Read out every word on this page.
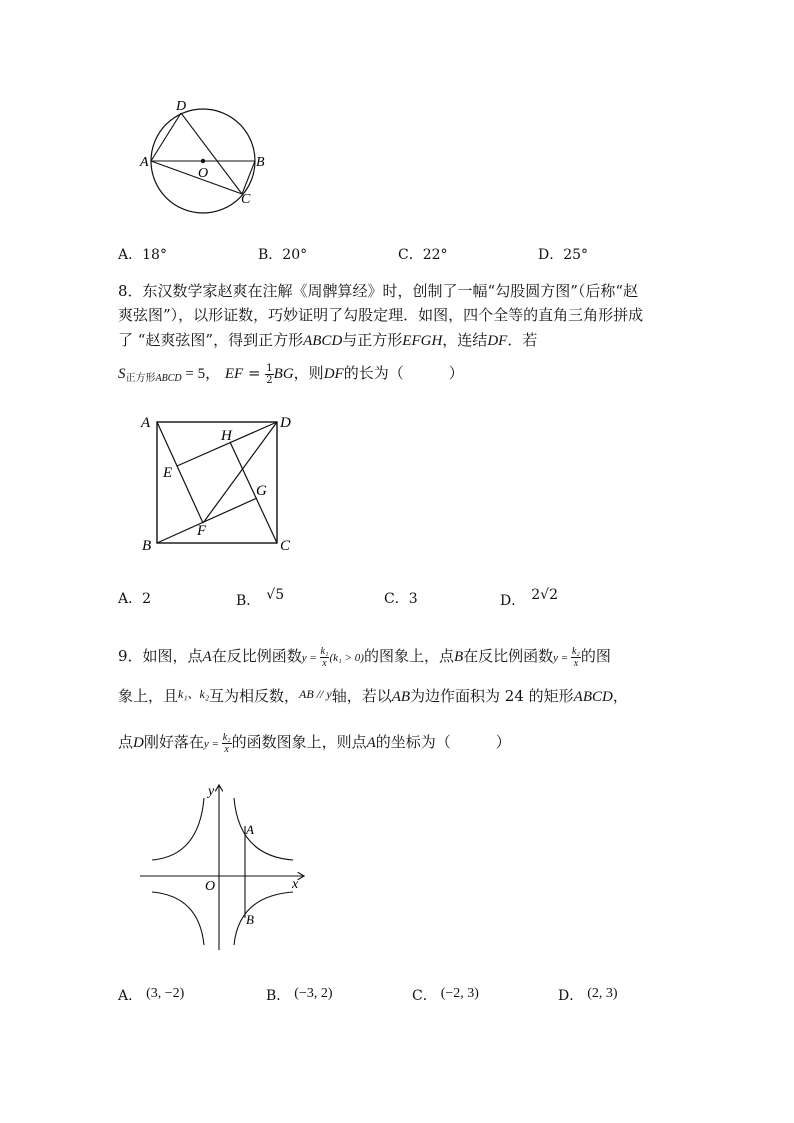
D
A
O
B
C
A．18°	B．20°	C．22°	D．25°
8．东汉数学家赵爽在注解《周髀算经》时，创制了一幅“勾股圆方图”（后称“赵
爽弦图”），以形证数，巧妙证明了勾股定理．如图，四个全等的直角三角形拼成
了 “赵爽弦图”，得到正方形ABCD与正方形EFGH，连结DF．若
$S_{正方形ABCD} = 5$， EF = $\frac{1}{2}$ BG，则DF的长为（　　　）
A	D
H
E
G
F
B	C
A．2	B． √5	C．3	D． 2√2
9．如图，点A在反比例函数$y = \frac{\text{k₁}}{x} (k_1 > 0)$的图象上，点B在反比例函数$y = \frac{\text{k₂}}{x}$ 的图
象上，且$^{k_1、k_2}$互为相反数，$^{AB // y}$轴，若以AB为边作面积为 24 的矩形ABCD，
点D刚好落在$y = \frac{\text{k₂}}{x}$ 的函数图象上，则点A的坐标为（　　　）
y
x
O
A
B
A． (3, −2)	B． (−3, 2)	C． (−2, 3)	D． (2, 3)
